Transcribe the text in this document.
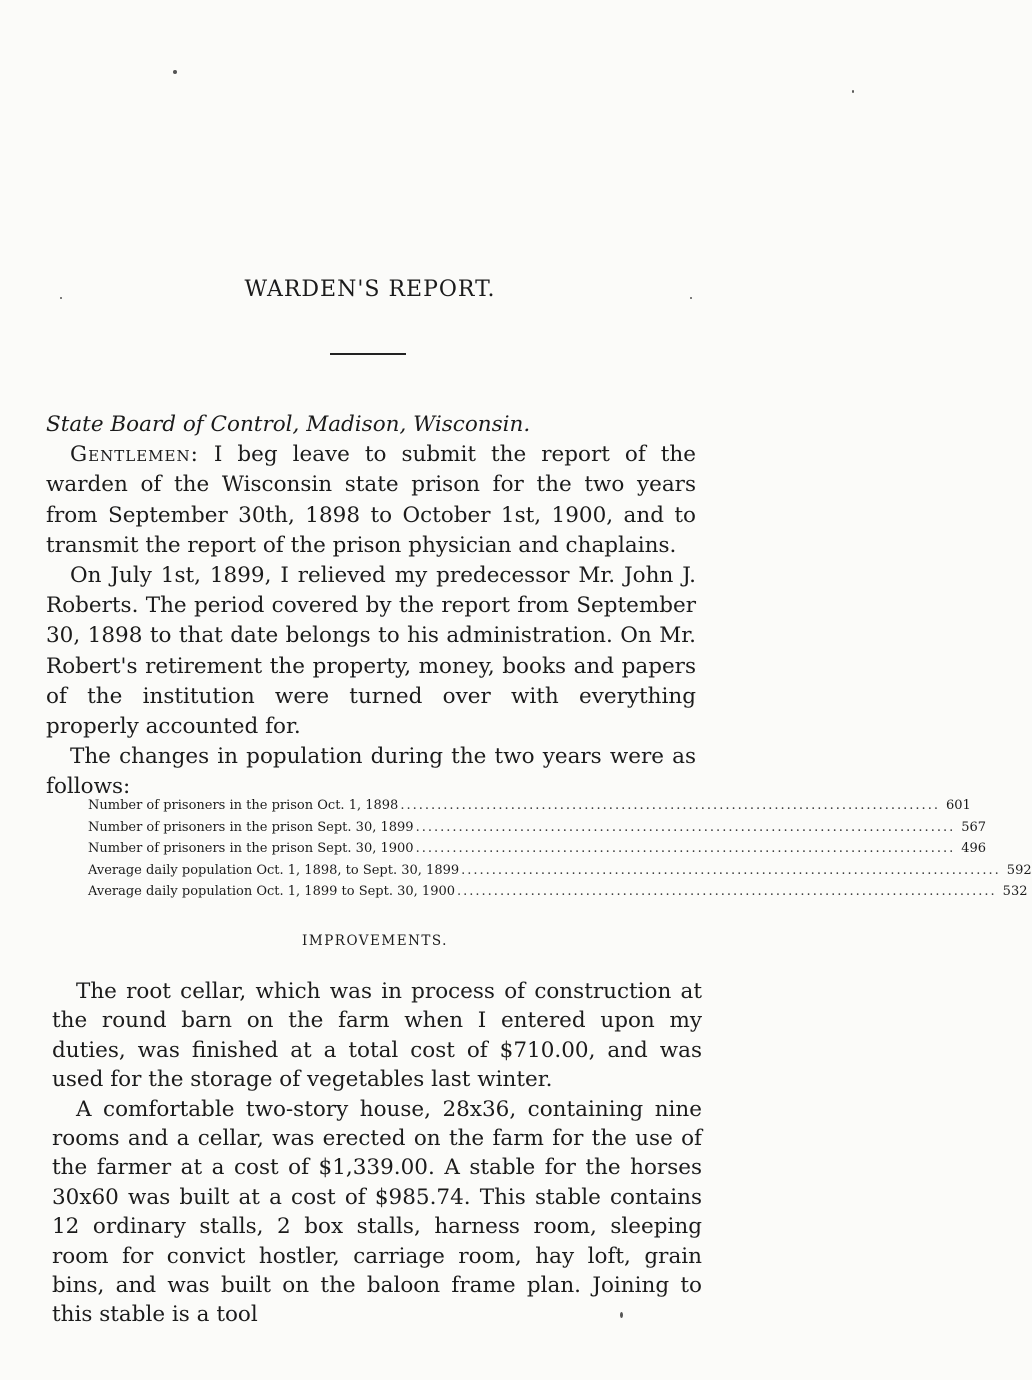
WARDEN'S REPORT.

State Board of Control, Madison, Wisconsin.

Gentlemen: I beg leave to submit the report of the warden of the Wisconsin state prison for the two years from September 30th, 1898 to October 1st, 1900, and to transmit the report of the prison physician and chaplains.

On July 1st, 1899, I relieved my predecessor Mr. John J. Roberts. The period covered by the report from September 30, 1898 to that date belongs to his administration. On Mr. Robert's retirement the property, money, books and papers of the institution were turned over with everything properly accounted for.

The changes in population during the two years were as follows:

Number of prisoners in the prison Oct. 1, 1898 ........................................................................................ 601
Number of prisoners in the prison Sept. 30, 1899 ........................................................................................ 567
Number of prisoners in the prison Sept. 30, 1900 ........................................................................................ 496
Average daily population Oct. 1, 1898, to Sept. 30, 1899 ........................................................................................ 592
Average daily population Oct. 1, 1899 to Sept. 30, 1900 ........................................................................................ 532
IMPROVEMENTS.

The root cellar, which was in process of construction at the round barn on the farm when I entered upon my duties, was finished at a total cost of $710.00, and was used for the storage of vegetables last winter.

A comfortable two-story house, 28x36, containing nine rooms and a cellar, was erected on the farm for the use of the farmer at a cost of $1,339.00. A stable for the horses 30x60 was built at a cost of $985.74. This stable contains 12 ordinary stalls, 2 box stalls, harness room, sleeping room for convict hostler, carriage room, hay loft, grain bins, and was built on the baloon frame plan. Joining to this stable is a tool
